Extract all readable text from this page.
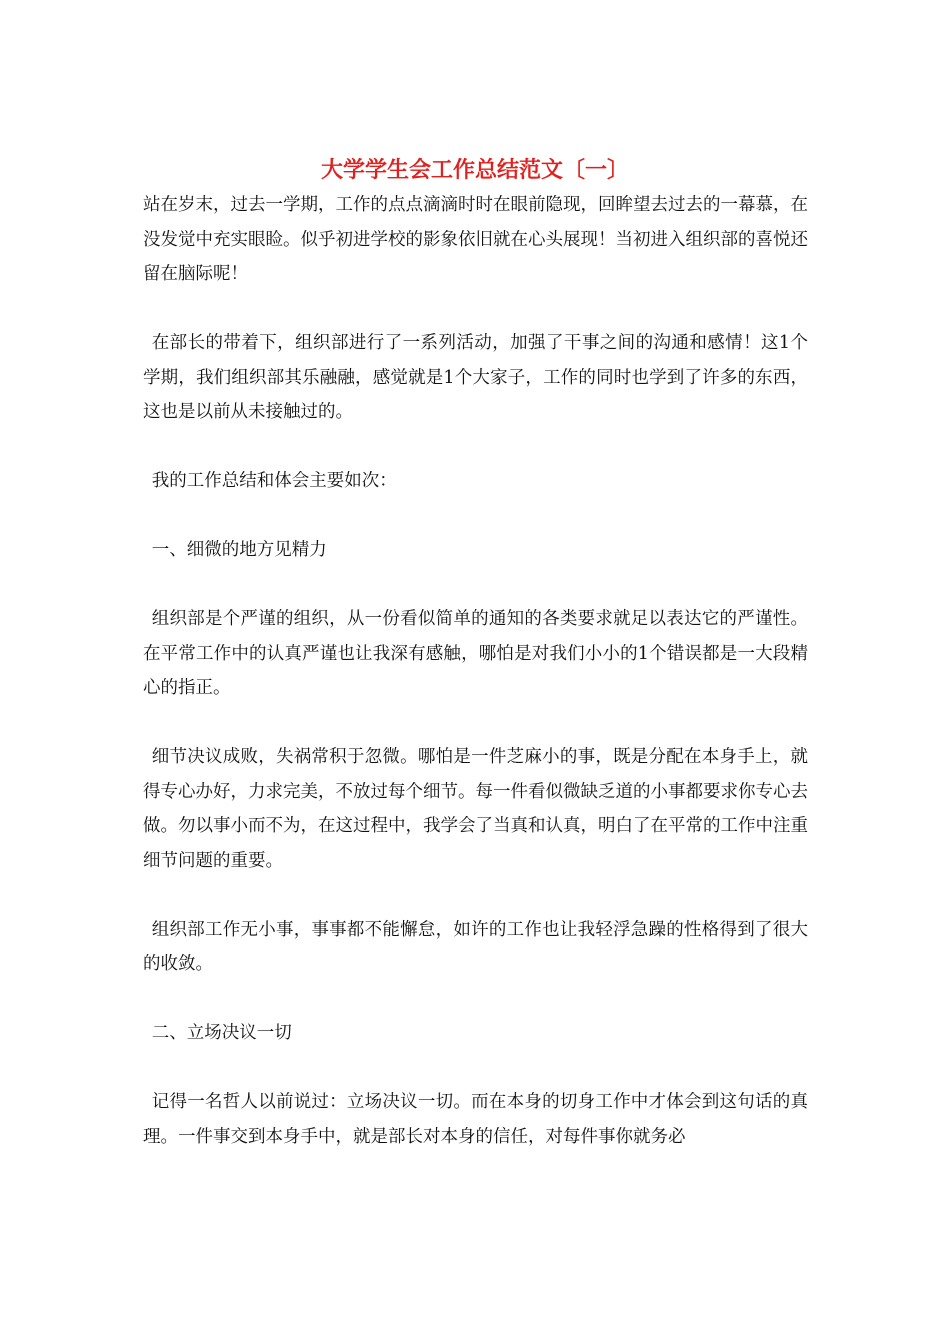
大学学生会工作总结范文〔一〕

站在岁末，过去一学期，工作的点点滴滴时时在眼前隐现，回眸望去过去的一幕慕，在没发觉中充实眼睑。似乎初进学校的影象依旧就在心头展现！当初进入组织部的喜悦还留在脑际呢！

在部长的带着下，组织部进行了一系列活动，加强了干事之间的沟通和感情！这1个学期，我们组织部其乐融融，感觉就是1个大家子，工作的同时也学到了许多的东西，这也是以前从未接触过的。

我的工作总结和体会主要如次：

一、细微的地方见精力

组织部是个严谨的组织，从一份看似简单的通知的各类要求就足以表达它的严谨性。在平常工作中的认真严谨也让我深有感触，哪怕是对我们小小的1个错误都是一大段精心的指正。

细节决议成败，失祸常积于忽微。哪怕是一件芝麻小的事，既是分配在本身手上，就得专心办好，力求完美，不放过每个细节。每一件看似微缺乏道的小事都要求你专心去做。勿以事小而不为，在这过程中，我学会了当真和认真，明白了在平常的工作中注重细节问题的重要。

组织部工作无小事，事事都不能懈怠，如许的工作也让我轻浮急躁的性格得到了很大的收敛。

二、立场决议一切

记得一名哲人以前说过：立场决议一切。而在本身的切身工作中才体会到这句话的真理。一件事交到本身手中，就是部长对本身的信任，对每件事你就务必
